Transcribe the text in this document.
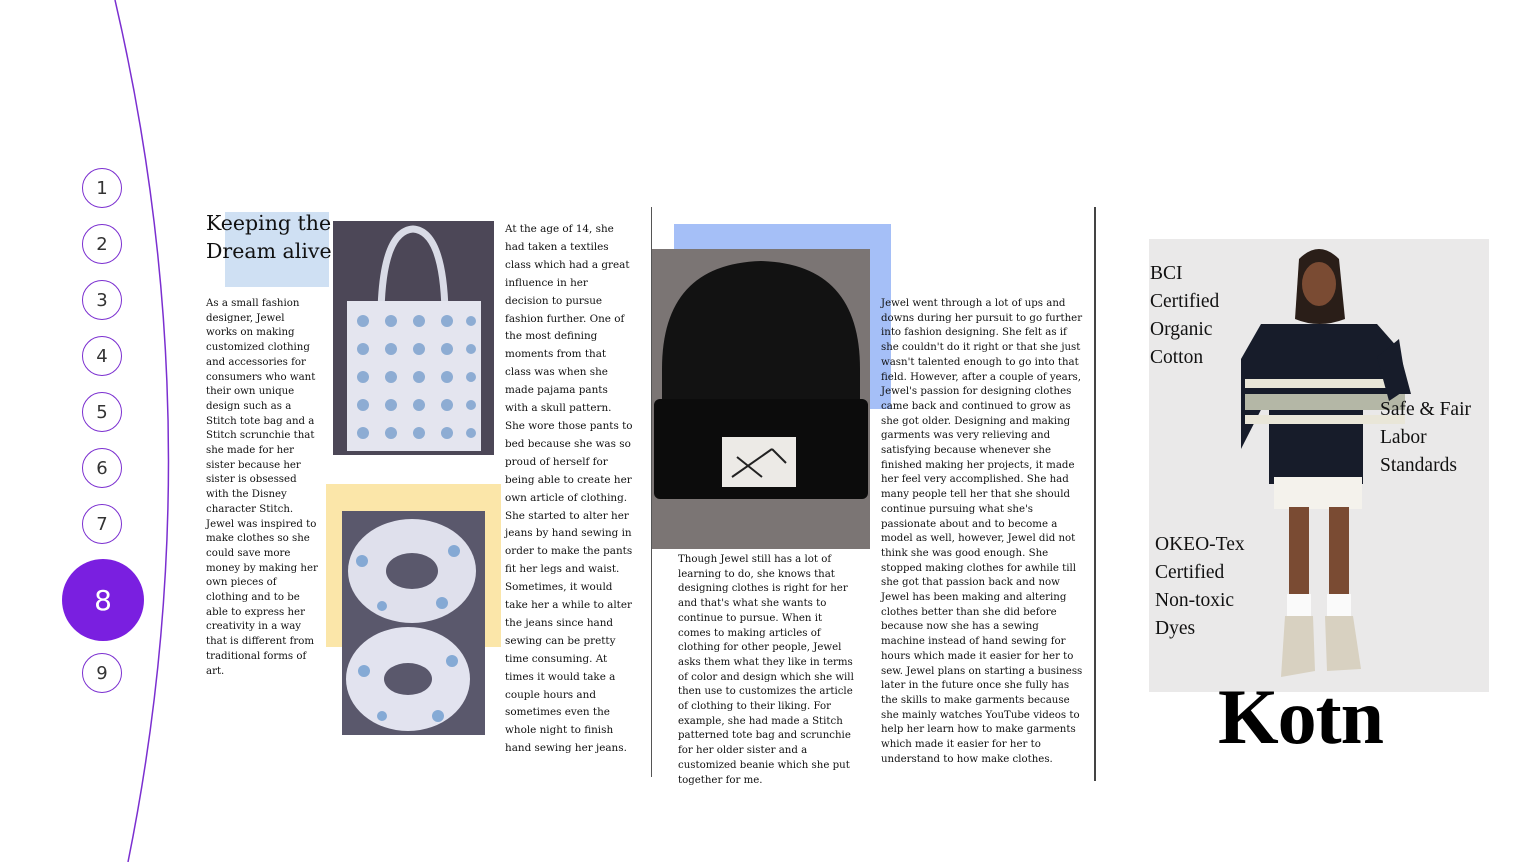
1
2
3
4
5
6
7
8
9
Keeping the
Dream alive
As a small fashion designer, Jewel works on making customized clothing and accessories for consumers who want their own unique design such as a Stitch tote bag and a Stitch scrunchie that she made for her sister because her sister is obsessed with the Disney character Stitch. Jewel was inspired to make clothes so she could save more money by making her own pieces of clothing and to be able to express her creativity in a way that is different from traditional forms of art.
At the age of 14, she had taken a textiles class which had a great influence in her decision to pursue fashion further. One of the most defining moments from that class was when she made pajama pants with a skull pattern. She wore those pants to bed because she was so proud of herself for being able to create her own article of clothing. She started to alter her jeans by hand sewing in order to make the pants fit her legs and waist. Sometimes, it would take her a while to alter the jeans since hand sewing can be pretty time consuming. At times it would take a couple hours and sometimes even the whole night to finish hand sewing her jeans.
Though Jewel still has a lot of learning to do, she knows that designing clothes is right for her and that's what she wants to continue to pursue. When it comes to making articles of clothing for other people, Jewel asks them what they like in terms of color and design which she will then use to customizes the article of clothing to their liking. For example, she had made a Stitch patterned tote bag and scrunchie for her older sister and a customized beanie which she put together for me.
Jewel went through a lot of ups and downs during her pursuit to go further into fashion designing. She felt as if she couldn't do it right or that she just wasn't talented enough to go into that field. However, after a couple of years, Jewel's passion for designing clothes came back and continued to grow as she got older. Designing and making garments was very relieving and satisfying because whenever she finished making her projects, it made her feel very accomplished. She had many people tell her that she should continue pursuing what she's passionate about and to become a model as well, however, Jewel did not think she was good enough. She stopped making clothes for awhile till she got that passion back and now Jewel has been making and altering clothes better than she did before because now she has a sewing machine instead of hand sewing for hours which made it easier for her to sew. Jewel plans on starting a business later in the future once she fully has the skills to make garments because she mainly watches YouTube videos to help her learn how to make garments which made it easier for her to understand to how make clothes.
BCI
Certified
Organic
Cotton
Safe & Fair
Labor
Standards
OKEO-Tex
Certified
Non-toxic
Dyes
Kotn
